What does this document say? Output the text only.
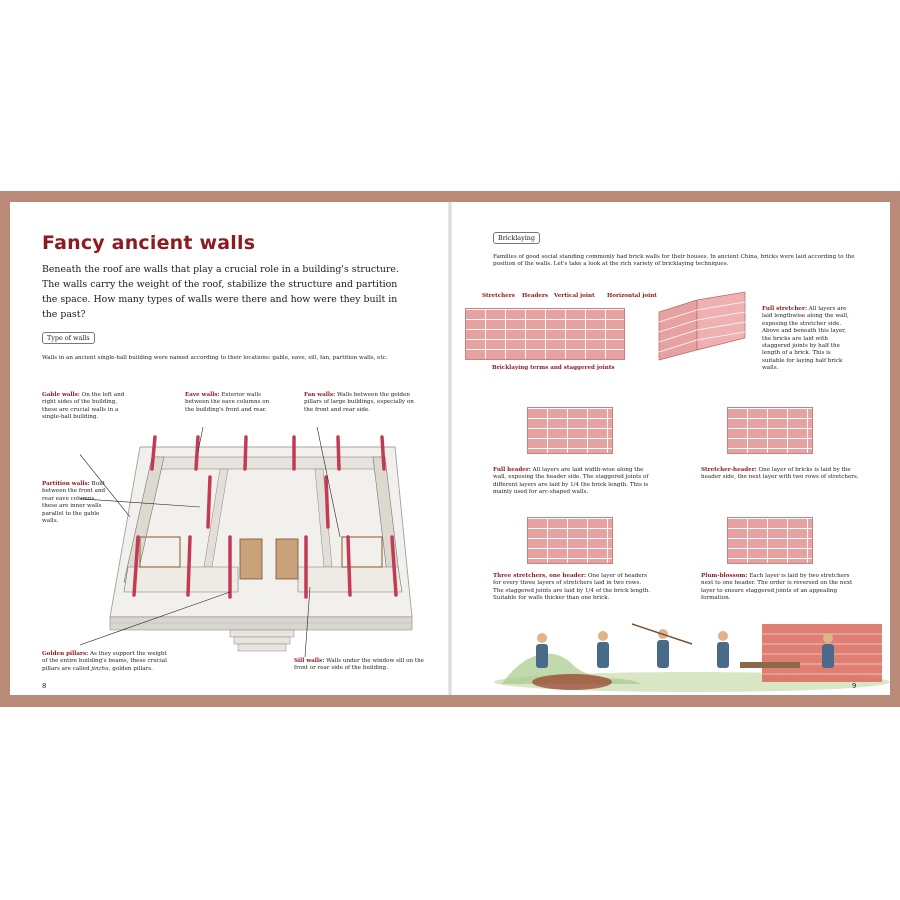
Fancy ancient walls
Beneath the roof are walls that play a crucial role in a building's structure. The walls carry the weight of the roof, stabilize the structure and partition the space. How many types of walls were there and how were they built in the past?
Type of walls
Walls in an ancient single-hall building were named according to their locations: gable, eave, sill, fan, partition walls, etc.
Gable walls: On the left and right sides of the building, these are crucial walls in a single-hall building.
Eave walls: Exterior walls between the eave columns on the building's front and rear.
Fan walls: Walls between the golden pillars of large buildings, especially on the front and rear side.
Partition walls: Built between the front and rear eave columns, these are inner walls parallel to the gable walls.
Golden pillars: As they support the weight of the entire building's beams, these crucial pillars are called jinzhu, golden pillars.
Sill walls: Walls under the window sill on the front or rear side of the building.
8
Bricklaying
Families of good social standing commonly had brick walls for their houses. In ancient China, bricks were laid according to the position of the walls. Let's take a look at the rich variety of bricklaying techniques.
Stretchers Headers Vertical joint Horizontal joint
Bricklaying terms and staggered joints
Full stretcher: All layers are laid lengthwise along the wall, exposing the stretcher side. Above and beneath this layer, the bricks are laid with staggered joints by half the length of a brick. This is suitable for laying half brick walls.
Full header: All layers are laid width-wise along the wall, exposing the header side. The staggered joints of different layers are laid by 1/4 the brick length. This is mainly used for arc-shaped walls.
Stretcher-header: One layer of bricks is laid by the header side, the next layer with two rows of stretchers.
Three stretchers, one header: One layer of headers for every three layers of stretchers laid in two rows. The staggered joints are laid by 1/4 of the brick length. Suitable for walls thicker than one brick.
Plum-blossom: Each layer is laid by two stretchers next to one header. The order is reversed on the next layer to ensure staggered joints of an appealing formation.
9
